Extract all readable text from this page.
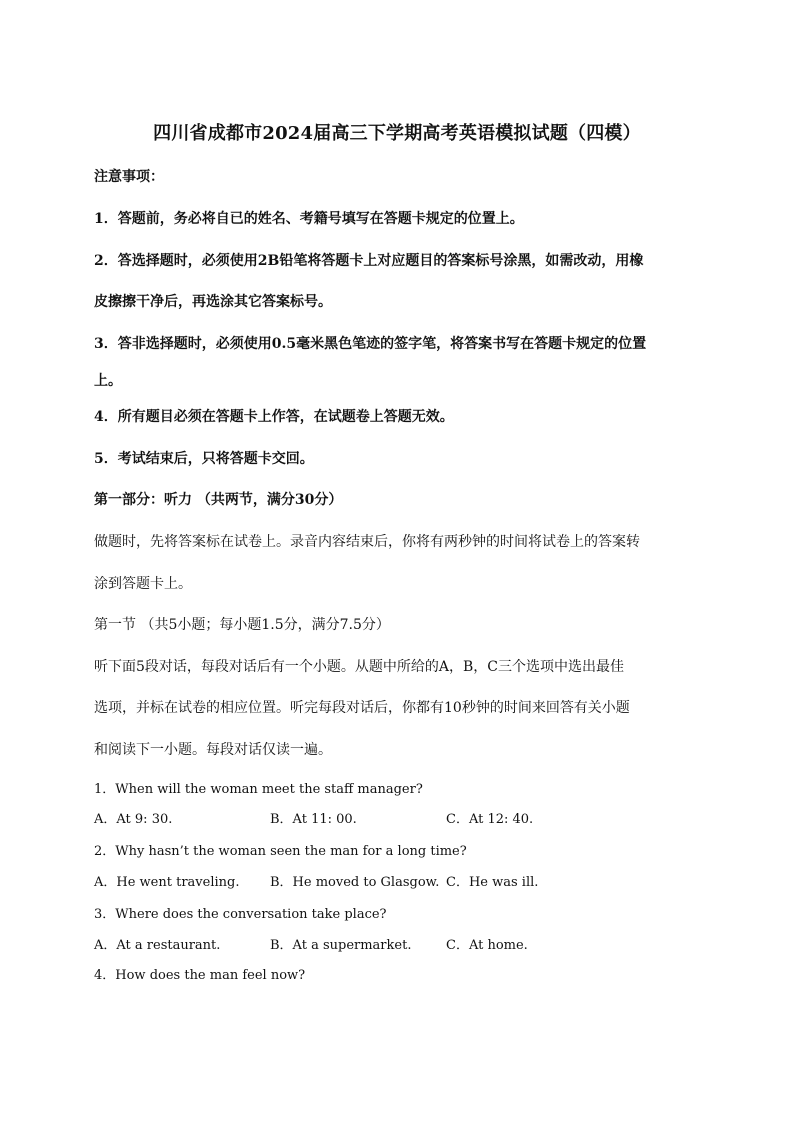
四川省成都市2024届高三下学期高考英语模拟试题（四模）
注意事项：
1．答题前，务必将自已的姓名、考籍号填写在答题卡规定的位置上。
2．答选择题时，必须使用2B铅笔将答题卡上对应题目的答案标号涂黑，如需改动，用橡
皮擦擦干净后，再选涂其它答案标号。
3．答非选择题时，必须使用0.5毫米黑色笔迹的签字笔，将答案书写在答题卡规定的位置
上。
4．所有题目必须在答题卡上作答，在试题卷上答题无效。
5．考试结束后，只将答题卡交回。
第一部分：听力 （共两节，满分30分）
做题时，先将答案标在试卷上。录音内容结束后，你将有两秒钟的时间将试卷上的答案转
涂到答题卡上。
第一节 （共5小题；每小题1.5分，满分7.5分）
听下面5段对话，每段对话后有一个小题。从题中所给的A，B，C三个选项中选出最佳
选项，并标在试卷的相应位置。听完每段对话后，你都有10秒钟的时间来回答有关小题
和阅读下一小题。每段对话仅读一遍。
1．When will the woman meet the staff manager?
A．At 9: 30.	B．At 11: 00.	C．At 12: 40.
2．Why hasn’t the woman seen the man for a long time?
A．He went traveling. B．He moved to Glasgow. C．He was ill.
3．Where does the conversation take place?
A．At a restaurant.	B．At a supermarket.	C．At home.
4．How does the man feel now?
